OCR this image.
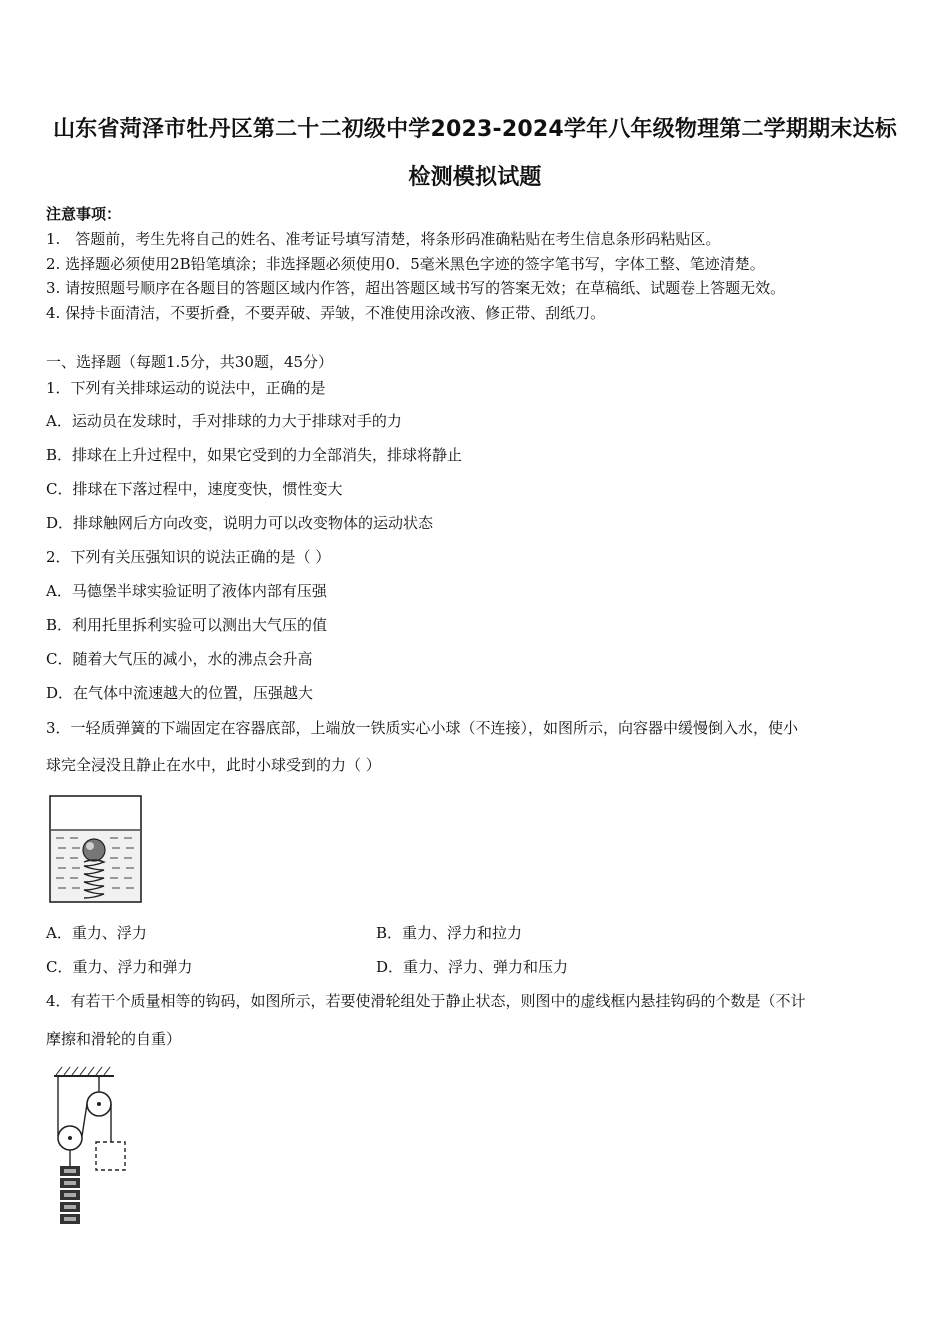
山东省菏泽市牡丹区第二十二初级中学2023-2024学年八年级物理第二学期期末达标
检测模拟试题
注意事项：
1.　答题前，考生先将自己的姓名、准考证号填写清楚，将条形码准确粘贴在考生信息条形码粘贴区。
2. 选择题必须使用2B铅笔填涂；非选择题必须使用0．5毫米黑色字迹的签字笔书写，字体工整、笔迹清楚。
3. 请按照题号顺序在各题目的答题区域内作答，超出答题区域书写的答案无效；在草稿纸、试题卷上答题无效。
4. 保持卡面清洁，不要折叠，不要弄破、弄皱，不准使用涂改液、修正带、刮纸刀。
一、选择题（每题1.5分，共30题，45分）
1．下列有关排球运动的说法中，正确的是
A．运动员在发球时，手对排球的力大于排球对手的力
B．排球在上升过程中，如果它受到的力全部消失，排球将静止
C．排球在下落过程中，速度变快，惯性变大
D．排球触网后方向改变，说明力可以改变物体的运动状态
2．下列有关压强知识的说法正确的是（ ）
A．马德堡半球实验证明了液体内部有压强
B．利用托里拆利实验可以测出大气压的值
C．随着大气压的减小，水的沸点会升高
D．在气体中流速越大的位置，压强越大
3．一轻质弹簧的下端固定在容器底部，上端放一铁质实心小球（不连接），如图所示，向容器中缓慢倒入水，使小
球完全浸没且静止在水中，此时小球受到的力（ ）
A．重力、浮力	B．重力、浮力和拉力
C．重力、浮力和弹力	D．重力、浮力、弹力和压力
4．有若干个质量相等的钩码，如图所示，若要使滑轮组处于静止状态，则图中的虚线框内悬挂钩码的个数是（不计
摩擦和滑轮的自重）
